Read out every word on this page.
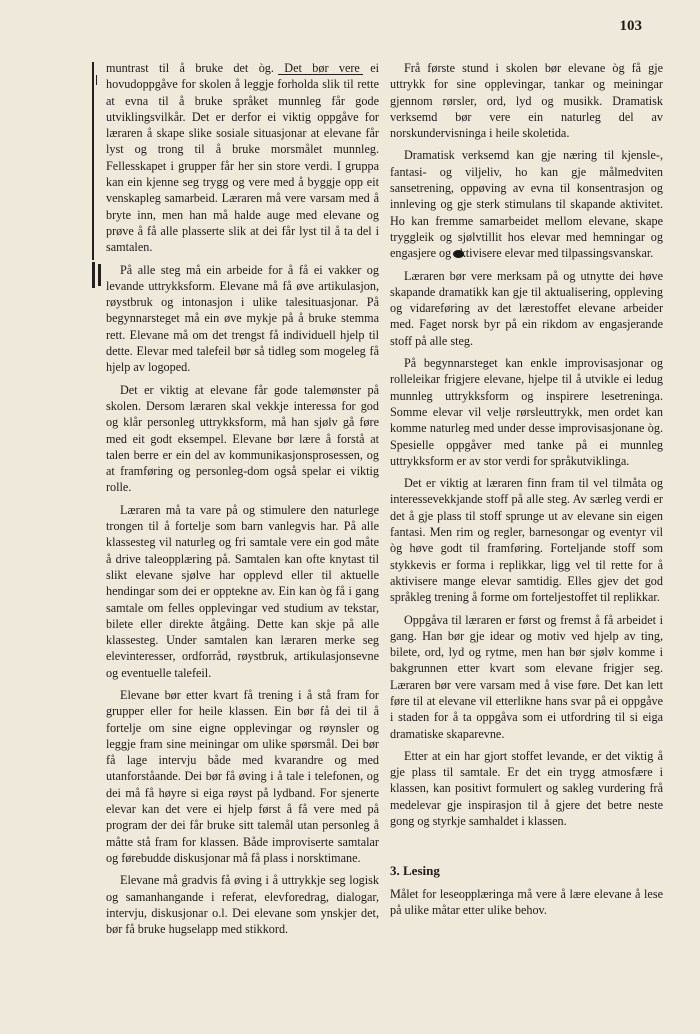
103

muntrast til å bruke det òg. Det bør vere ei hovudoppgåve for skolen å leggje forholda slik til rette at evna til å bruke språket munnleg får gode utviklingsvilkår. Det er derfor ei viktig oppgåve for læraren å skape slike sosiale situasjonar at elevane får lyst og trong til å bruke morsmålet munnleg. Fellesskapet i grupper får her sin store verdi. I gruppa kan ein kjenne seg trygg og vere med å byggje opp eit venskapleg samarbeid. Læraren må vere varsam med å bryte inn, men han må halde auge med elevane og prøve å få alle plasserte slik at dei får lyst til å ta del i samtalen.

På alle steg må ein arbeide for å få ei vakker og levande uttrykksform. Elevane må få øve artikulasjon, røystbruk og intonasjon i ulike talesituasjonar. På begynnarsteget må ein øve mykje på å bruke stemma rett. Elevane må om det trengst få individuell hjelp til dette. Elevar med talefeil bør så tidleg som mogeleg få hjelp av logoped.

Det er viktig at elevane får gode talemønster på skolen. Dersom læraren skal vekkje interessa for god og klår personleg uttrykksform, må han sjølv gå føre med eit godt eksempel. Elevane bør lære å forstå at talen berre er ein del av kommunikasjonsprosessen, og at framføring og personleg-dom også spelar ei viktig rolle.

Læraren må ta vare på og stimulere den naturlege trongen til å fortelje som barn vanlegvis har. På alle klassesteg vil naturleg og fri samtale vere ein god måte å drive taleopplæring på. Samtalen kan ofte knytast til slikt elevane sjølve har opplevd eller til aktuelle hendingar som dei er opptekne av. Ein kan òg få i gang samtale om felles opplevingar ved studium av tekstar, bilete eller direkte åtgåing. Dette kan skje på alle klassesteg. Under samtalen kan læraren merke seg elevinteresser, ordforråd, røystbruk, artikulasjonsevne og eventuelle talefeil.

Elevane bør etter kvart få trening i å stå fram for grupper eller for heile klassen. Ein bør få dei til å fortelje om sine eigne opplevingar og røynsler og leggje fram sine meiningar om ulike spørsmål. Dei bør få lage intervju både med kvarandre og med utanforståande. Dei bør få øving i å tale i telefonen, og dei må få høyre si eiga røyst på lydband. For sjenerte elevar kan det vere ei hjelp først å få vere med på program der dei får bruke sitt talemål utan personleg å måtte stå fram for klassen. Både improviserte samtalar og førebudde diskusjonar må få plass i norsktimane.

Elevane må gradvis få øving i å uttrykkje seg logisk og samanhangande i referat, elevforedrag, dialogar, intervju, diskusjonar o.l. Dei elevane som ynskjer det, bør få bruke hugselapp med stikkord.

Frå første stund i skolen bør elevane òg få gje uttrykk for sine opplevingar, tankar og meiningar gjennom rørsler, ord, lyd og musikk. Dramatisk verksemd bør vere ein naturleg del av norskundervisninga i heile skoletida.

Dramatisk verksemd kan gje næring til kjensle-, fantasi- og viljeliv, ho kan gje målmedviten sansetrening, oppøving av evna til konsentrasjon og innleving og gje sterk stimulans til skapande aktivitet. Ho kan fremme samarbeidet mellom elevane, skape tryggleik og sjølvtillit hos elevar med hemningar og engasjere og aktivisere elevar med tilpassingsvanskar.

Læraren bør vere merksam på og utnytte dei høve skapande dramatikk kan gje til aktualisering, oppleving og vidareføring av det lærestoffet elevane arbeider med. Faget norsk byr på ein rikdom av engasjerande stoff på alle steg.

På begynnarsteget kan enkle improvisasjonar og rolleleikar frigjere elevane, hjelpe til å utvikle ei ledug munnleg uttrykksform og inspirere lesetreninga. Somme elevar vil velje rørsleuttrykk, men ordet kan komme naturleg med under desse improvisasjonane òg. Spesielle oppgåver med tanke på ei munnleg uttrykksform er av stor verdi for språkutviklinga.

Det er viktig at læraren finn fram til vel tilmåta og interessevekkjande stoff på alle steg. Av særleg verdi er det å gje plass til stoff sprunge ut av elevane sin eigen fantasi. Men rim og regler, barnesongar og eventyr vil òg høve godt til framføring. Forteljande stoff som stykkevis er forma i replikkar, ligg vel til rette for å aktivisere mange elevar samtidig. Elles gjev det god språkleg trening å forme om forteljestoffet til replikkar.

Oppgåva til læraren er først og fremst å få arbeidet i gang. Han bør gje idear og motiv ved hjelp av ting, bilete, ord, lyd og rytme, men han bør sjølv komme i bakgrunnen etter kvart som elevane frigjer seg. Læraren bør vere varsam med å vise føre. Det kan lett føre til at elevane vil etterlikne hans svar på ei oppgåve i staden for å ta oppgåva som ei utfordring til si eiga dramatiske skaparevne.

Etter at ein har gjort stoffet levande, er det viktig å gje plass til samtale. Er det ein trygg atmosfære i klassen, kan positivt formulert og sakleg vurdering frå medelevar gje inspirasjon til å gjere det betre neste gong og styrkje samhaldet i klassen.

3. Lesing

Målet for leseopplæringa må vere å lære elevane å lese på ulike måtar etter ulike behov.
